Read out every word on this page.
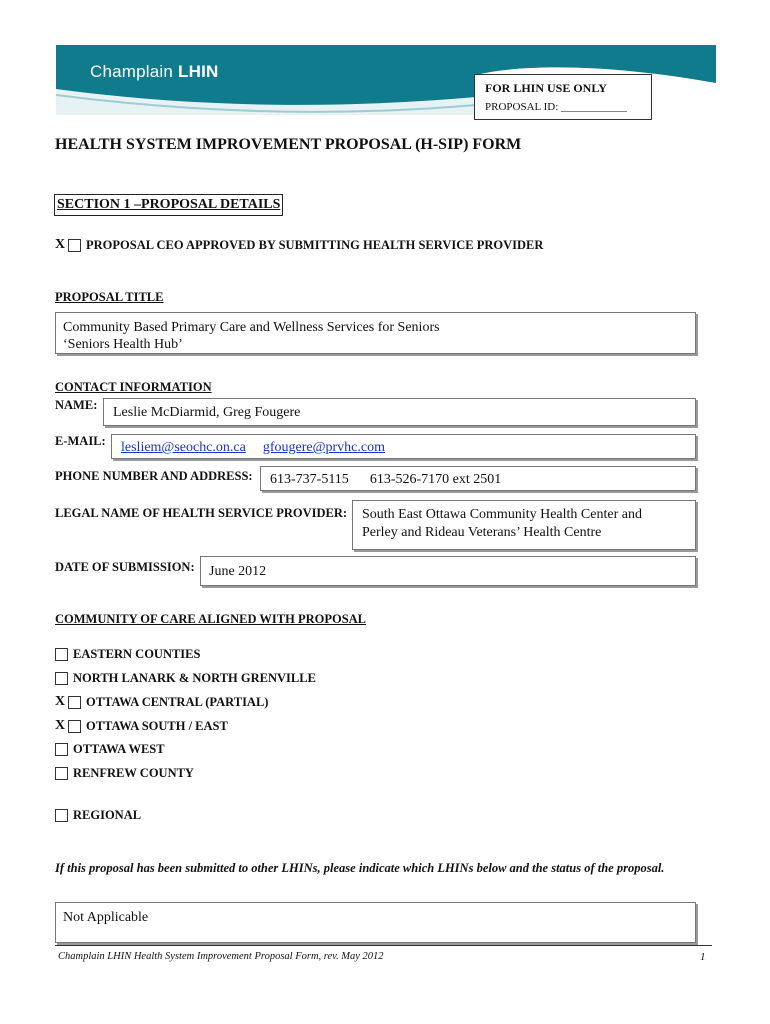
Champlain LHIN
FOR LHIN USE ONLY
PROPOSAL ID: ____________
HEALTH SYSTEM IMPROVEMENT PROPOSAL (H-SIP) FORM
SECTION 1 –PROPOSAL DETAILS
X PROPOSAL CEO APPROVED BY SUBMITTING HEALTH SERVICE PROVIDER
PROPOSAL TITLE
Community Based Primary Care and Wellness Services for Seniors
‘Seniors Health Hub’
CONTACT INFORMATION
NAME:	Leslie McDiarmid, Greg Fougere
E-MAIL:	lesliem@seochc.on.ca gfougere@prvhc.com
PHONE NUMBER AND ADDRESS:	613-737-5115 613-526-7170 ext 2501
LEGAL NAME OF HEALTH SERVICE PROVIDER: South East Ottawa Community Health Center and
Perley and Rideau Veterans’ Health Centre
DATE OF SUBMISSION:	June 2012
COMMUNITY OF CARE ALIGNED WITH PROPOSAL
EASTERN COUNTIES
NORTH LANARK & NORTH GRENVILLE
X OTTAWA CENTRAL (PARTIAL)
X OTTAWA SOUTH / EAST
OTTAWA WEST
RENFREW COUNTY
REGIONAL
If this proposal has been submitted to other LHINs, please indicate which LHINs below and the status of the proposal.
Not Applicable
Champlain LHIN Health System Improvement Proposal Form, rev. May 2012	1
